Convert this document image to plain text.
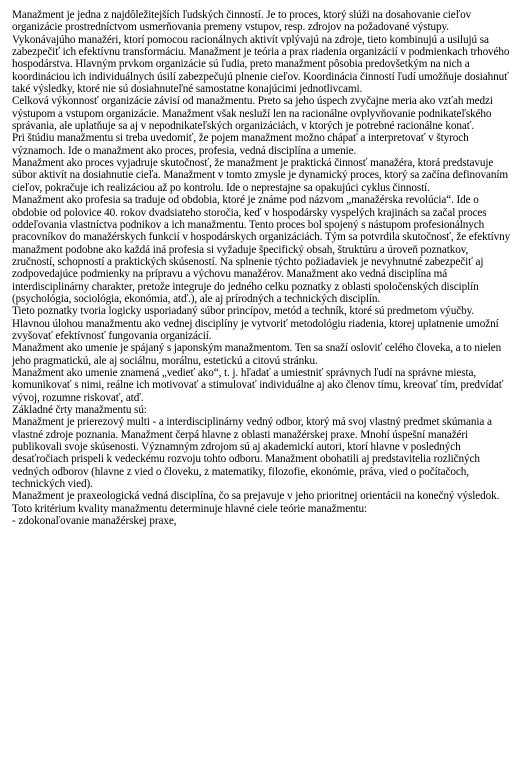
Manažment je jedna z najdôležitejších ľudských činností. Je to proces, ktorý slúži na dosahovanie cieľov organizácie prostredníctvom usmerňovania premeny vstupov, resp. zdrojov na požadované výstupy. Vykonávajúho manažéri, ktorí pomocou racionálnych aktivít vplývajú na zdroje, tieto kombinujú a usilujú sa zabezpečiť ich efektívnu transformáciu. Manažment je teória a prax riadenia organizácií v podmienkach trhového hospodárstva. Hlavným prvkom organizácie sú ľudia, preto manažment pôsobia predovšetkým na nich a koordináciou ich individuálnych úsilí zabezpečujú plnenie cieľov. Koordinácia činností ľudí umožňuje dosiahnuť také výsledky, ktoré nie sú dosiahnuteľné samostatne konajúcimi jednotlivcami.

Celková výkonnosť organizácie závisí od manažmentu. Preto sa jeho úspech zvyčajne meria ako vzťah medzi výstupom a vstupom organizácie. Manažment však nesluží len na racionálne ovplyvňovanie podnikateľského správania, ale uplatňuje sa aj v nepodnikateľských organizáciách, v ktorých je potrebné racionálne konať.

Pri štúdiu manažmentu si treba uvedomiť, že pojem manažment možno chápať a interpretovať v štyroch významoch. Ide o manažment ako proces, profesia, vedná disciplína a umenie.

Manažment ako proces vyjadruje skutočnosť, že manažment je praktická činnosť manažéra, ktorá predstavuje súbor aktivít na dosiahnutie cieľa. Manažment v tomto zmysle je dynamický proces, ktorý sa začína definovaním cieľov, pokračuje ich realizáciou až po kontrolu. Ide o neprestajne sa opakujúci cyklus činností.

Manažment ako profesia sa traduje od obdobia, ktoré je známe pod názvom „manažérska revolúcia“. Ide o obdobie od polovice 40. rokov dvadsiateho storočia, keď v hospodársky vyspelých krajinách sa začal proces oddeľovania vlastníctva podnikov a ich manažmentu. Tento proces bol spojený s nástupom profesionálnych pracovníkov do manažérskych funkcií v hospodárskych organizáciách. Tým sa potvrdila skutočnosť, že efektívny manažment podobne ako každá iná profesia si vyžaduje špecifický obsah, štruktúru a úroveň poznatkov, zručností, schopností a praktických skúseností. Na splnenie týchto požiadaviek je nevyhnutné zabezpečiť aj zodpovedajúce podmienky na prípravu a výchovu manažérov. Manažment ako vedná disciplína má interdisciplinárny charakter, pretože integruje do jedného celku poznatky z oblasti spoločenských disciplín (psychológia, sociológia, ekonómia, atď.), ale aj prírodných a technických disciplín.

Tieto poznatky tvoria logicky usporiadaný súbor princípov, metód a techník, ktoré sú predmetom výučby. Hlavnou úlohou manažmentu ako vednej disciplíny je vytvoriť metodológiu riadenia, ktorej uplatnenie umožní zvyšovať efektívnosť fungovania organizácií.

Manažment ako umenie je spájaný s japonským manažmentom. Ten sa snaží osloviť celého človeka, a to nielen jeho pragmatickú, ale aj sociálnu, morálnu, estetickú a citovú stránku.

Manažment ako umenie znamená „vedieť ako“, t. j. hľadať a umiestniť správnych ľudí na správne miesta, komunikovať s nimi, reálne ich motivovať a stimulovať individuálne aj ako členov tímu, kreovať tím, predvídať vývoj, rozumne riskovať, atď.

Základné črty manažmentu sú:

Manažment je prierezový multi - a interdisciplinárny vedný odbor, ktorý má svoj vlastný predmet skúmania a vlastné zdroje poznania. Manažment čerpá hlavne z oblasti manažérskej praxe. Mnohí úspešní manažéri publikovali svoje skúsenosti. Významným zdrojom sú aj akademickí autori, ktorí hlavne v posledných desaťročiach prispeli k vedeckému rozvoju tohto odboru. Manažment obohatili aj predstavitelia rozličných vedných odborov (hlavne z vied o človeku, z matematiky, filozofie, ekonómie, práva, vied o počítačoch, technických vied).

Manažment je praxeologická vedná disciplína, čo sa prejavuje v jeho prioritnej orientácii na konečný výsledok. Toto kritérium kvality manažmentu determinuje hlavné ciele teórie manažmentu:

- zdokonaľovanie manažérskej praxe,
